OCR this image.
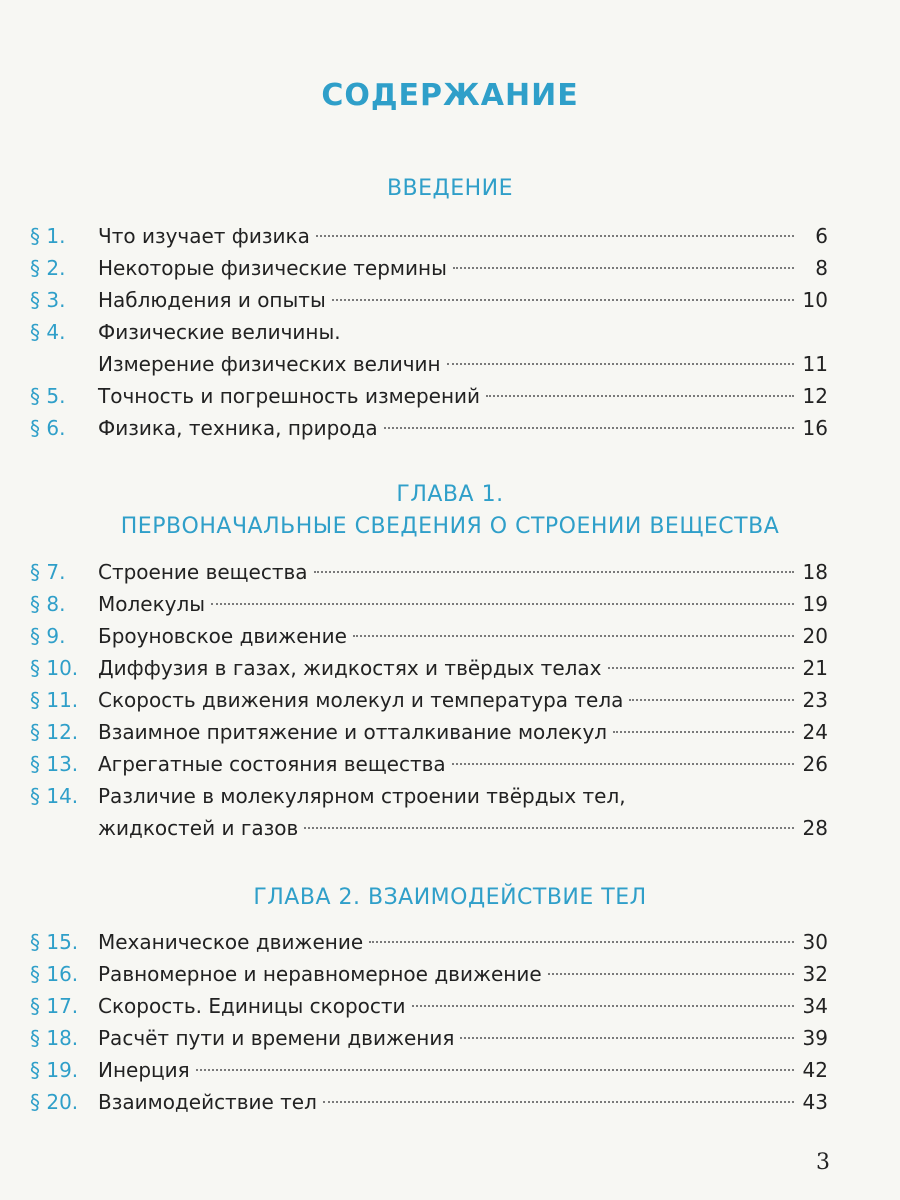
СОДЕРЖАНИЕ
ВВЕДЕНИЕ
§ 1. Что изучает физика	6
§ 2. Некоторые физические термины	8
§ 3. Наблюдения и опыты	10
§ 4. Физические величины.
Измерение физических величин	11
§ 5. Точность и погрешность измерений	12
§ 6. Физика, техника, природа	16
ГЛАВА 1.
ПЕРВОНАЧАЛЬНЫЕ СВЕДЕНИЯ О СТРОЕНИИ ВЕЩЕСТВА
§ 7. Строение вещества	18
§ 8. Молекулы	19
§ 9. Броуновское движение	20
§ 10. Диффузия в газах, жидкостях и твёрдых телах	21
§ 11. Скорость движения молекул и температура тела	23
§ 12. Взаимное притяжение и отталкивание молекул	24
§ 13. Агрегатные состояния вещества	26
§ 14. Различие в молекулярном строении твёрдых тел,
жидкостей и газов	28
ГЛАВА 2. ВЗАИМОДЕЙСТВИЕ ТЕЛ
§ 15. Механическое движение	30
§ 16. Равномерное и неравномерное движение	32
§ 17. Скорость. Единицы скорости	34
§ 18. Расчёт пути и времени движения	39
§ 19. Инерция	42
§ 20. Взаимодействие тел	43
3
